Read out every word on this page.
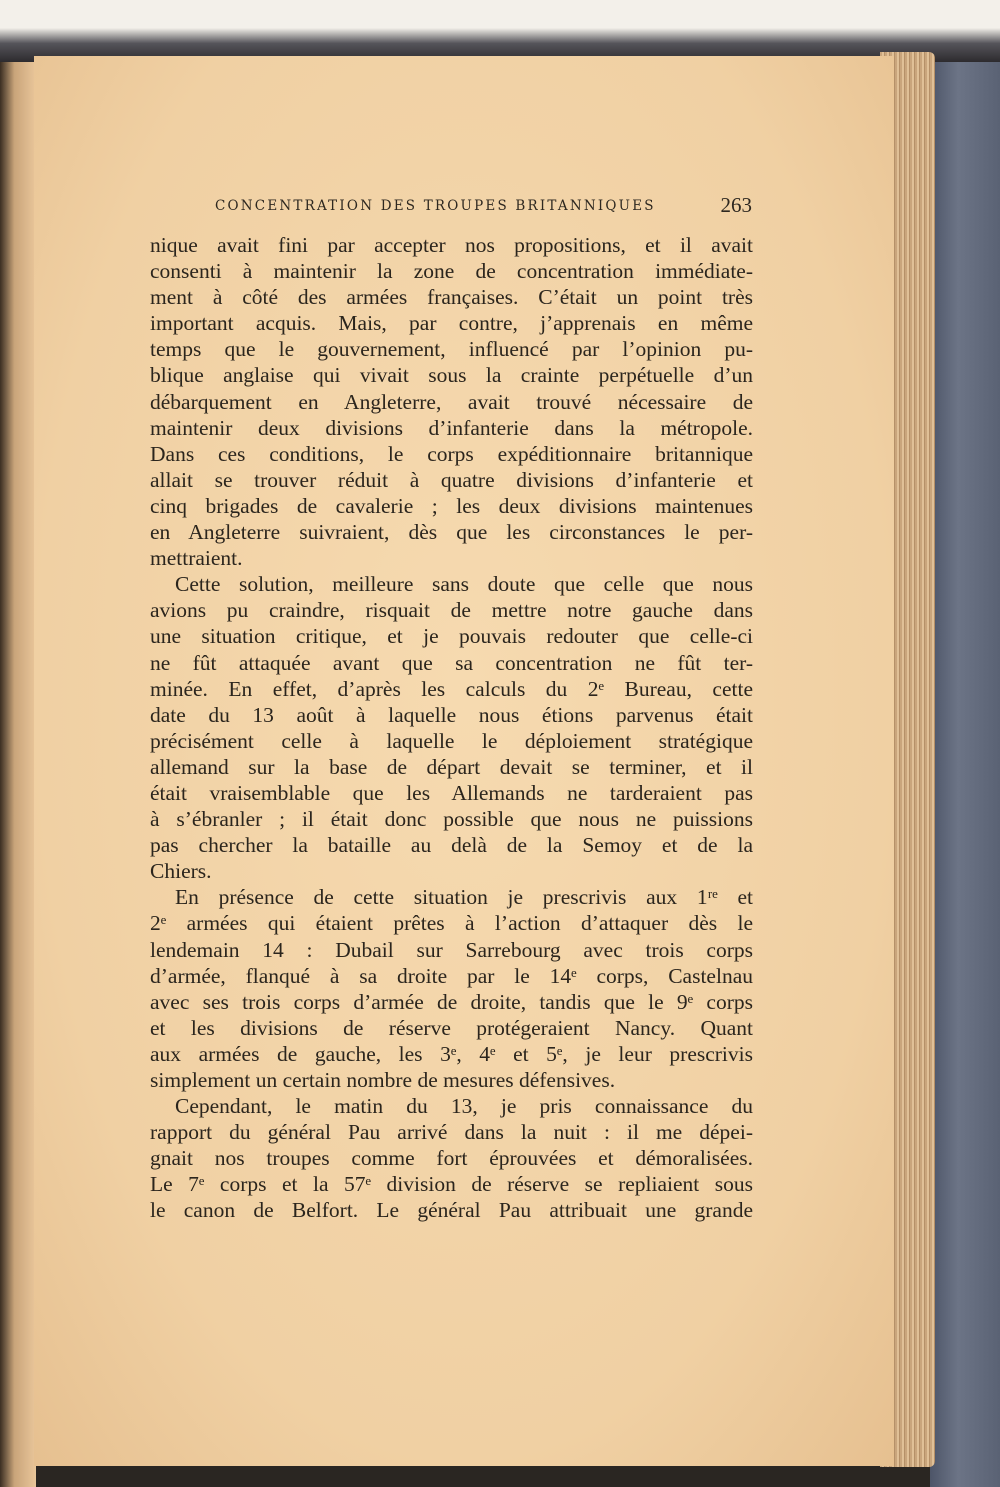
CONCENTRATION DES TROUPES BRITANNIQUES	263
nique avait fini par accepter nos propositions, et il avait
consenti à maintenir la zone de concentration immédiate-
ment à côté des armées françaises. C’était un point très
important acquis. Mais, par contre, j’apprenais en même
temps que le gouvernement, influencé par l’opinion pu-
blique anglaise qui vivait sous la crainte perpétuelle d’un
débarquement en Angleterre, avait trouvé nécessaire de
maintenir deux divisions d’infanterie dans la métropole.
Dans ces conditions, le corps expéditionnaire britannique
allait se trouver réduit à quatre divisions d’infanterie et
cinq brigades de cavalerie ; les deux divisions maintenues
en Angleterre suivraient, dès que les circonstances le per-
mettraient.
Cette solution, meilleure sans doute que celle que nous
avions pu craindre, risquait de mettre notre gauche dans
une situation critique, et je pouvais redouter que celle-ci
ne fût attaquée avant que sa concentration ne fût ter-
minée. En effet, d’après les calculs du 2ᵉ Bureau, cette
date du 13 août à laquelle nous étions parvenus était
précisément celle à laquelle le déploiement stratégique
allemand sur la base de départ devait se terminer, et il
était vraisemblable que les Allemands ne tarderaient pas
à s’ébranler ; il était donc possible que nous ne puissions
pas chercher la bataille au delà de la Semoy et de la
Chiers.
En présence de cette situation je prescrivis aux 1ʳᵉ et
2ᵉ armées qui étaient prêtes à l’action d’attaquer dès le
lendemain 14 : Dubail sur Sarrebourg avec trois corps
d’armée, flanqué à sa droite par le 14ᵉ corps, Castelnau
avec ses trois corps d’armée de droite, tandis que le 9ᵉ corps
et les divisions de réserve protégeraient Nancy. Quant
aux armées de gauche, les 3ᵉ, 4ᵉ et 5ᵉ, je leur prescrivis
simplement un certain nombre de mesures défensives.
Cependant, le matin du 13, je pris connaissance du
rapport du général Pau arrivé dans la nuit : il me dépei-
gnait nos troupes comme fort éprouvées et démoralisées.
Le 7ᵉ corps et la 57ᵉ division de réserve se repliaient sous
le canon de Belfort. Le général Pau attribuait une grande
